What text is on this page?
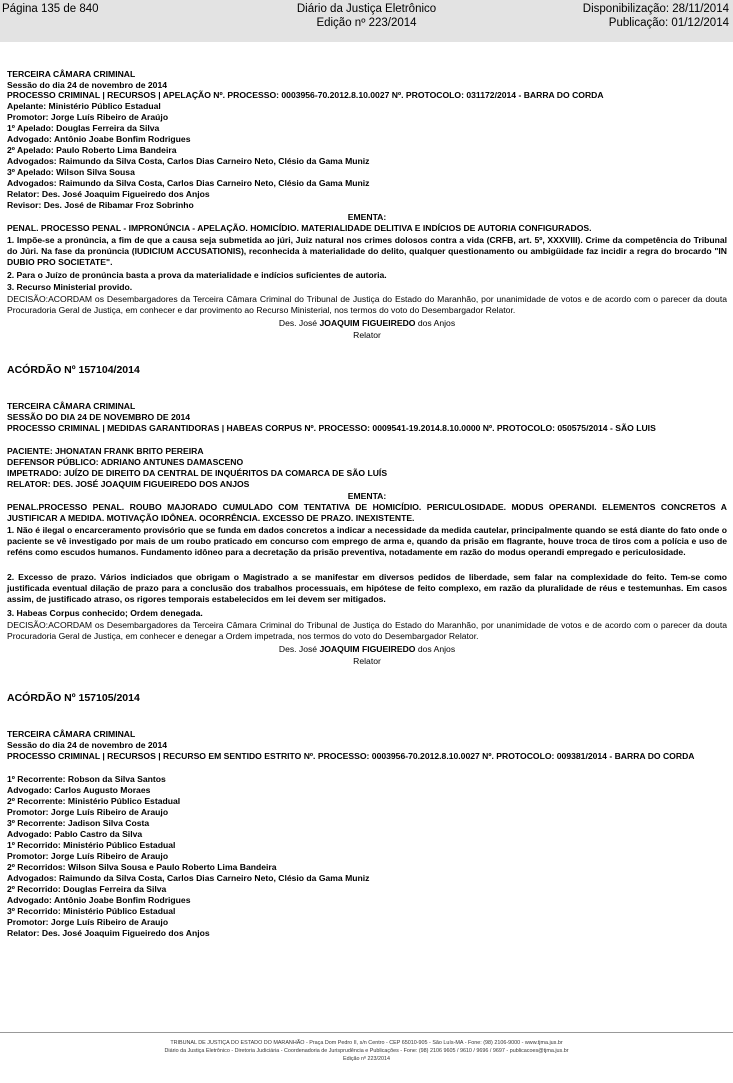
Página 135 de 840	Diário da Justiça Eletrônico
Edição nº 223/2014
Disponibilização: 28/11/2014
Publicação: 01/12/2014
TERCEIRA CÂMARA CRIMINAL
Sessão do dia 24 de novembro de 2014
PROCESSO CRIMINAL | RECURSOS | APELAÇÃO Nº. PROCESSO: 0003956-70.2012.8.10.0027 Nº. PROTOCOLO: 031172/2014 - BARRA DO CORDA
Apelante: Ministério Público Estadual
Promotor: Jorge Luís Ribeiro de Araújo
1º Apelado: Douglas Ferreira da Silva
Advogado: Antônio Joabe Bonfim Rodrigues
2º Apelado: Paulo Roberto Lima Bandeira
Advogados: Raimundo da Silva Costa, Carlos Dias Carneiro Neto, Clésio da Gama Muniz
3º Apelado: Wilson Silva Sousa
Advogados: Raimundo da Silva Costa, Carlos Dias Carneiro Neto, Clésio da Gama Muniz
Relator: Des. José Joaquim Figueiredo dos Anjos
Revisor: Des. José de Ribamar Froz Sobrinho
EMENTA:
PENAL. PROCESSO PENAL - IMPRONÚNCIA - APELAÇÃO. HOMICÍDIO. MATERIALIDADE DELITIVA E INDÍCIOS DE AUTORIA CONFIGURADOS.
1. Impõe-se a pronúncia, a fim de que a causa seja submetida ao júri, Juiz natural nos crimes dolosos contra a vida (CRFB, art. 5º, XXXVIII). Crime da competência do Tribunal do Júri. Na fase da pronúncia (IUDICIUM ACCUSATIONIS), reconhecida à materialidade do delito, qualquer questionamento ou ambigüidade faz incidir a regra do brocardo "IN DUBIO PRO SOCIETATE".
2. Para o Juízo de pronúncia basta a prova da materialidade e indícios suficientes de autoria.
3. Recurso Ministerial provido.
DECISÃO:ACORDAM os Desembargadores da Terceira Câmara Criminal do Tribunal de Justiça do Estado do Maranhão, por unanimidade de votos e de acordo com o parecer da douta Procuradoria Geral de Justiça, em conhecer e dar provimento ao Recurso Ministerial, nos termos do voto do Desembargador Relator.
Des. José JOAQUIM FIGUEIREDO dos Anjos
Relator
ACÓRDÃO Nº 157104/2014
TERCEIRA CÂMARA CRIMINAL
SESSÃO DO DIA 24 DE NOVEMBRO DE 2014
PROCESSO CRIMINAL | MEDIDAS GARANTIDORAS | HABEAS CORPUS Nº. PROCESSO: 0009541-19.2014.8.10.0000 Nº. PROTOCOLO: 050575/2014 - SÃO LUIS
PACIENTE: JHONATAN FRANK BRITO PEREIRA
DEFENSOR PÚBLICO: ADRIANO ANTUNES DAMASCENO
IMPETRADO: JUÍZO DE DIREITO DA CENTRAL DE INQUÉRITOS DA COMARCA DE SÃO LUÍS
RELATOR: DES. JOSÉ JOAQUIM FIGUEIREDO DOS ANJOS
EMENTA:
PENAL.PROCESSO PENAL. ROUBO MAJORADO CUMULADO COM TENTATIVA DE HOMICÍDIO. PERICULOSIDADE. MODUS OPERANDI. ELEMENTOS CONCRETOS A JUSTIFICAR A MEDIDA. MOTIVAÇÃO IDÔNEA. OCORRÊNCIA. EXCESSO DE PRAZO. INEXISTENTE.
1. Não é ilegal o encarceramento provisório que se funda em dados concretos a indicar a necessidade da medida cautelar, principalmente quando se está diante do fato onde o paciente se vê investigado por mais de um roubo praticado em concurso com emprego de arma e, quando da prisão em flagrante, houve troca de tiros com a polícia e uso de reféns como escudos humanos. Fundamento idôneo para a decretação da prisão preventiva, notadamente em razão do modus operandi empregado e periculosidade.
2. Excesso de prazo. Vários indiciados que obrigam o Magistrado a se manifestar em diversos pedidos de liberdade, sem falar na complexidade do feito. Tem-se como justificada eventual dilação de prazo para a conclusão dos trabalhos processuais, em hipótese de feito complexo, em razão da pluralidade de réus e testemunhas. Em casos assim, de justificado atraso, os rigores temporais estabelecidos em lei devem ser mitigados.
3. Habeas Corpus conhecido; Ordem denegada.
DECISÃO:ACORDAM os Desembargadores da Terceira Câmara Criminal do Tribunal de Justiça do Estado do Maranhão, por unanimidade de votos e de acordo com o parecer da douta Procuradoria Geral de Justiça, em conhecer e denegar a Ordem impetrada, nos termos do voto do Desembargador Relator.
Des. José JOAQUIM FIGUEIREDO dos Anjos
Relator
ACÓRDÃO Nº 157105/2014
TERCEIRA CÂMARA CRIMINAL
Sessão do dia 24 de novembro de 2014
PROCESSO CRIMINAL | RECURSOS | RECURSO EM SENTIDO ESTRITO Nº. PROCESSO: 0003956-70.2012.8.10.0027 Nº. PROTOCOLO: 009381/2014 - BARRA DO CORDA
1º Recorrente: Robson da Silva Santos
Advogado: Carlos Augusto Moraes
2º Recorrente: Ministério Público Estadual
Promotor: Jorge Luís Ribeiro de Araujo
3º Recorrente: Jadison Silva Costa
Advogado: Pablo Castro da Silva
1º Recorrido: Ministério Público Estadual
Promotor: Jorge Luís Ribeiro de Araujo
2º Recorridos: Wilson Silva Sousa e Paulo Roberto Lima Bandeira
Advogados: Raimundo da Silva Costa, Carlos Dias Carneiro Neto, Clésio da Gama Muniz
2º Recorrido: Douglas Ferreira da Silva
Advogado: Antônio Joabe Bonfim Rodrigues
3º Recorrido: Ministério Público Estadual
Promotor: Jorge Luís Ribeiro de Araujo
Relator: Des. José Joaquim Figueiredo dos Anjos
TRIBUNAL DE JUSTIÇA DO ESTADO DO MARANHÃO - Praça Dom Pedro II, s/n Centro - CEP 65010-905 - São Luís-MA - Fone: (98) 2106-9000 - www.tjma.jus.br
Diário da Justiça Eletrônico - Diretoria Judiciária - Coordenadoria de Jurisprudência e Publicações - Fone: (98) 2106 9605 / 9610 / 9696 / 9697 - publicacoes@tjma.jus.br
Edição nº 223/2014
